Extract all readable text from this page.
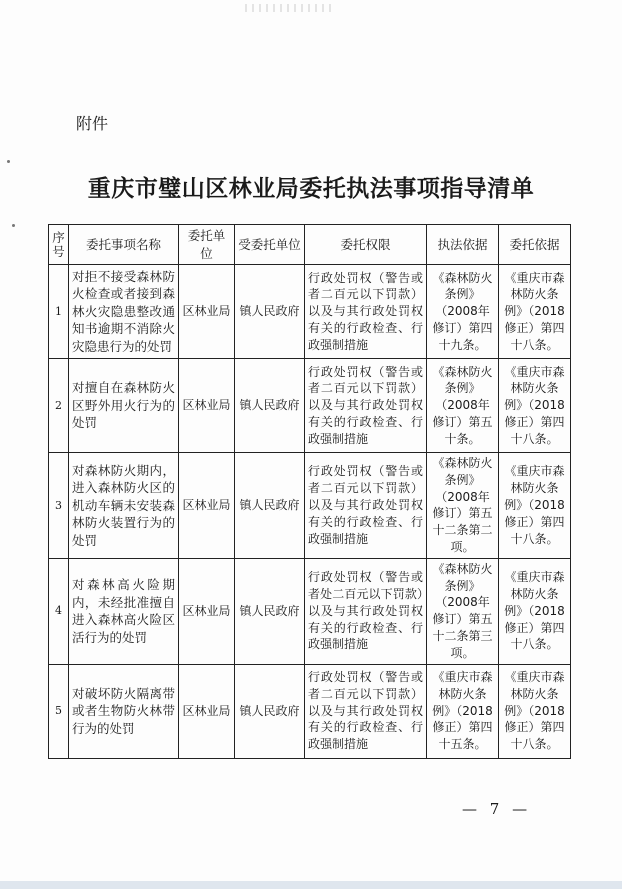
附件
重庆市璧山区林业局委托执法事项指导清单
序号	委托事项名称	委托单位	受委托单位	委托权限	执法依据	委托依据
1	对拒不接受森林防火检查或者接到森林火灾隐患整改通知书逾期不消除火灾隐患行为的处罚	区林业局	镇人民政府	行政处罚权（警告或者二百元以下罚款）以及与其行政处罚权有关的行政检查、行政强制措施	《森林防火条例》（2008年修订）第四十九条。	《重庆市森林防火条例》（2018修正）第四十八条。
2	对擅自在森林防火区野外用火行为的处罚	区林业局	镇人民政府	行政处罚权（警告或者二百元以下罚款）以及与其行政处罚权有关的行政检查、行政强制措施	《森林防火条例》（2008年修订）第五十条。	《重庆市森林防火条例》（2018修正）第四十八条。
3	对森林防火期内，进入森林防火区的机动车辆未安装森林防火装置行为的处罚	区林业局	镇人民政府	行政处罚权（警告或者二百元以下罚款）以及与其行政处罚权有关的行政检查、行政强制措施	《森林防火条例》（2008年修订）第五十二条第二项。	《重庆市森林防火条例》（2018修正）第四十八条。
4	对森林高火险期内，未经批准擅自进入森林高火险区活行为的处罚	区林业局	镇人民政府	行政处罚权（警告或者处二百元以下罚款）以及与其行政处罚权有关的行政检查、行政强制措施	《森林防火条例》（2008年修订）第五十二条第三项。	《重庆市森林防火条例》（2018修正）第四十八条。
5	对破坏防火隔离带或者生物防火林带行为的处罚	区林业局	镇人民政府	行政处罚权（警告或者二百元以下罚款）以及与其行政处罚权有关的行政检查、行政强制措施	《重庆市森林防火条例》（2018修正）第四十五条。	《重庆市森林防火条例》（2018修正）第四十八条。
— 7 —
